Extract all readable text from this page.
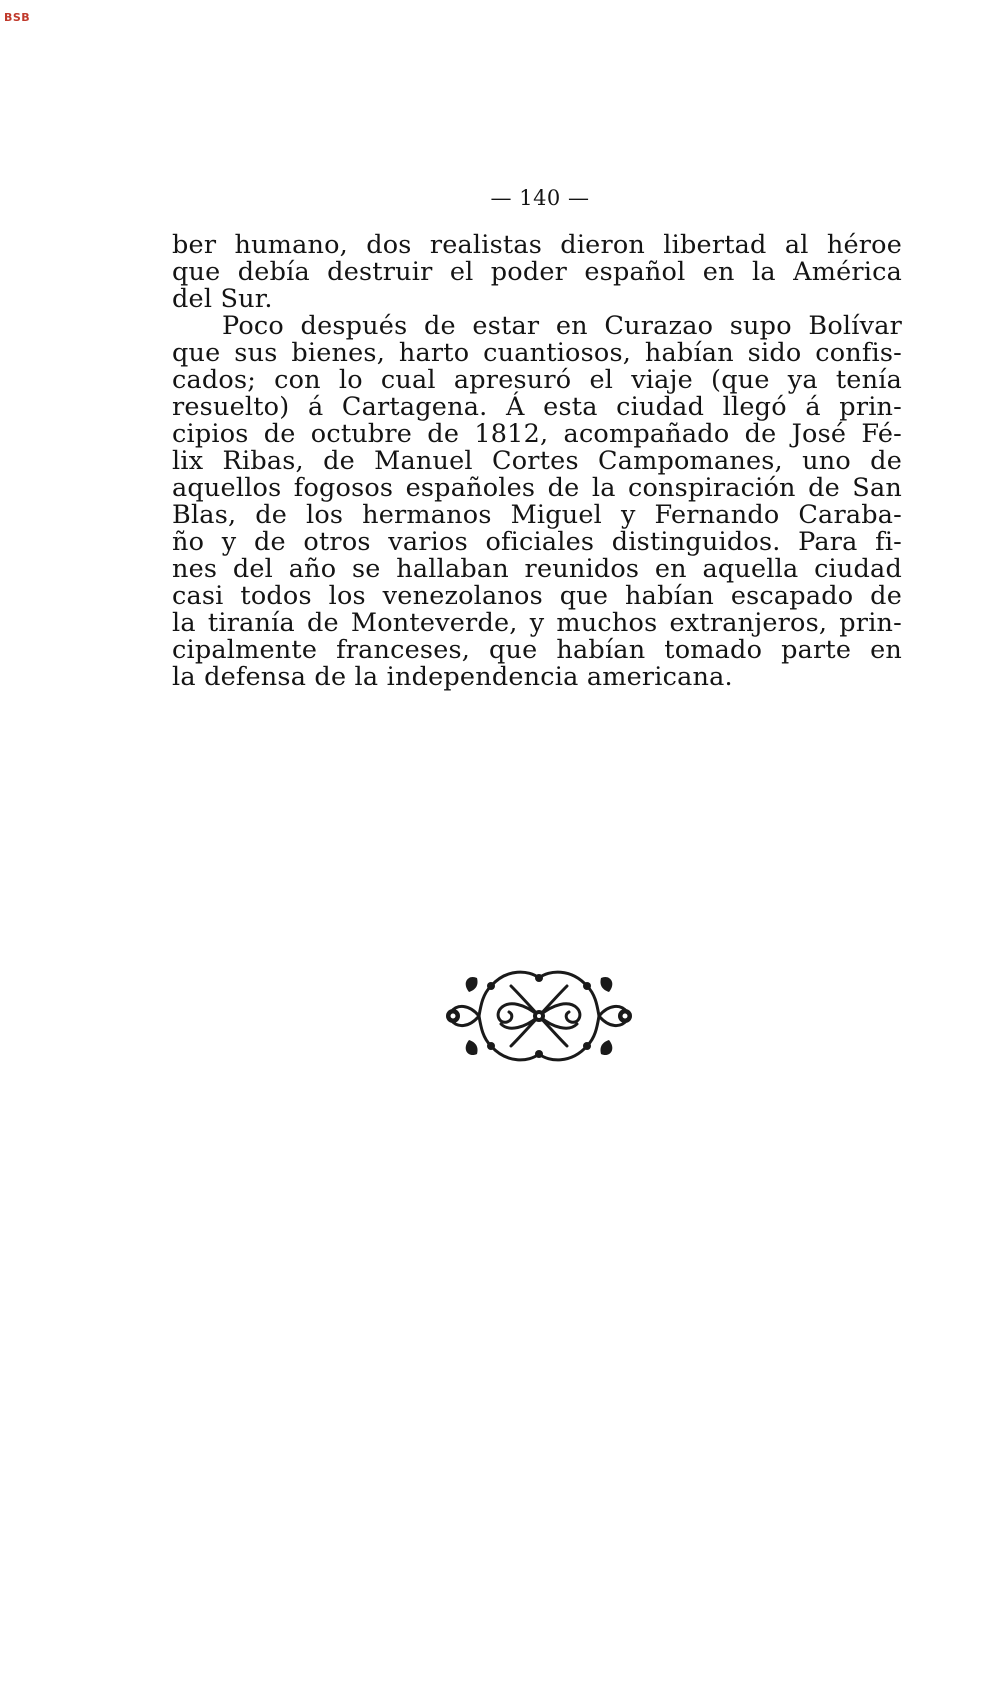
BSB
— 140 —
ber humano, dos realistas dieron libertad al héroe
que debía destruir el poder español en la América
del Sur.
Poco después de estar en Curazao supo Bolívar
que sus bienes, harto cuantiosos, habían sido confis-
cados; con lo cual apresuró el viaje (que ya tenía
resuelto) á Cartagena. Á esta ciudad llegó á prin-
cipios de octubre de 1812, acompañado de José Fé-
lix Ribas, de Manuel Cortes Campomanes, uno de
aquellos fogosos españoles de la conspiración de San
Blas, de los hermanos Miguel y Fernando Caraba-
ño y de otros varios oficiales distinguidos. Para fi-
nes del año se hallaban reunidos en aquella ciudad
casi todos los venezolanos que habían escapado de
la tiranía de Monteverde, y muchos extranjeros, prin-
cipalmente franceses, que habían tomado parte en
la defensa de la independencia americana.
